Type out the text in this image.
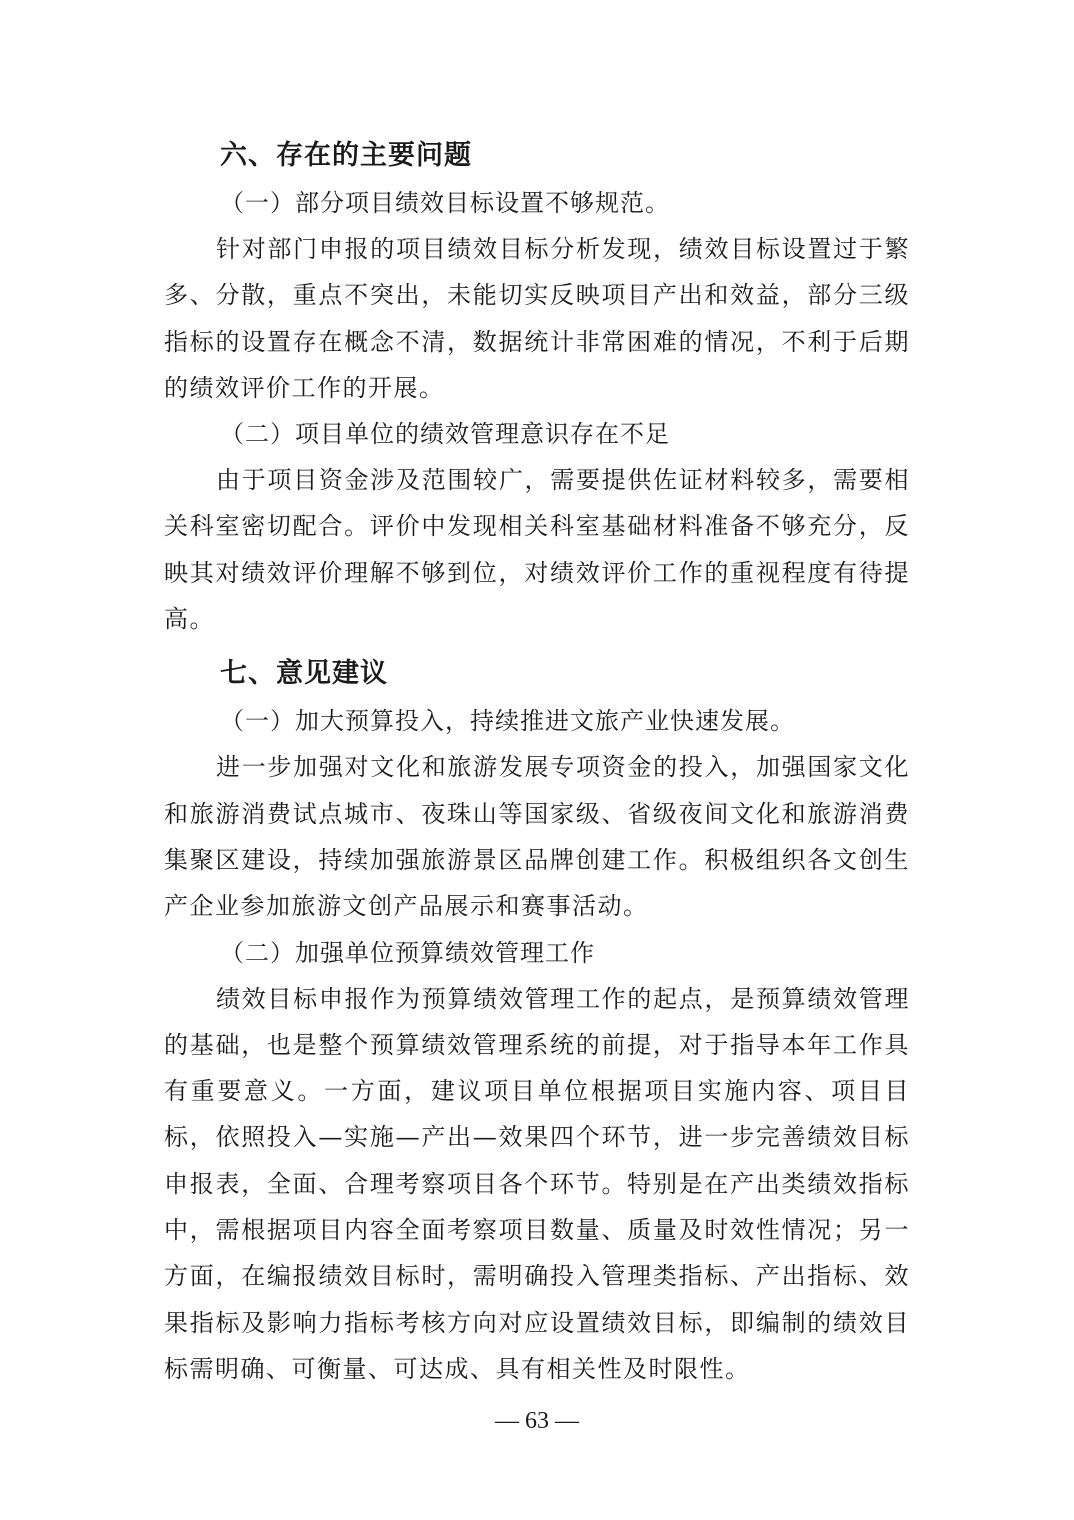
六、存在的主要问题

（一）部分项目绩效目标设置不够规范。

针对部门申报的项目绩效目标分析发现，绩效目标设置过于繁多、分散，重点不突出，未能切实反映项目产出和效益，部分三级指标的设置存在概念不清，数据统计非常困难的情况，不利于后期的绩效评价工作的开展。

（二）项目单位的绩效管理意识存在不足

由于项目资金涉及范围较广，需要提供佐证材料较多，需要相关科室密切配合。评价中发现相关科室基础材料准备不够充分，反映其对绩效评价理解不够到位，对绩效评价工作的重视程度有待提高。

七、意见建议

（一）加大预算投入，持续推进文旅产业快速发展。

进一步加强对文化和旅游发展专项资金的投入，加强国家文化和旅游消费试点城市、夜珠山等国家级、省级夜间文化和旅游消费集聚区建设，持续加强旅游景区品牌创建工作。积极组织各文创生产企业参加旅游文创产品展示和赛事活动。

（二）加强单位预算绩效管理工作

绩效目标申报作为预算绩效管理工作的起点，是预算绩效管理的基础，也是整个预算绩效管理系统的前提，对于指导本年工作具有重要意义。一方面，建议项目单位根据项目实施内容、项目目标，依照投入—实施—产出—效果四个环节，进一步完善绩效目标申报表，全面、合理考察项目各个环节。特别是在产出类绩效指标中，需根据项目内容全面考察项目数量、质量及时效性情况；另一方面，在编报绩效目标时，需明确投入管理类指标、产出指标、效果指标及影响力指标考核方向对应设置绩效目标，即编制的绩效目标需明确、可衡量、可达成、具有相关性及时限性。

— 63 —
